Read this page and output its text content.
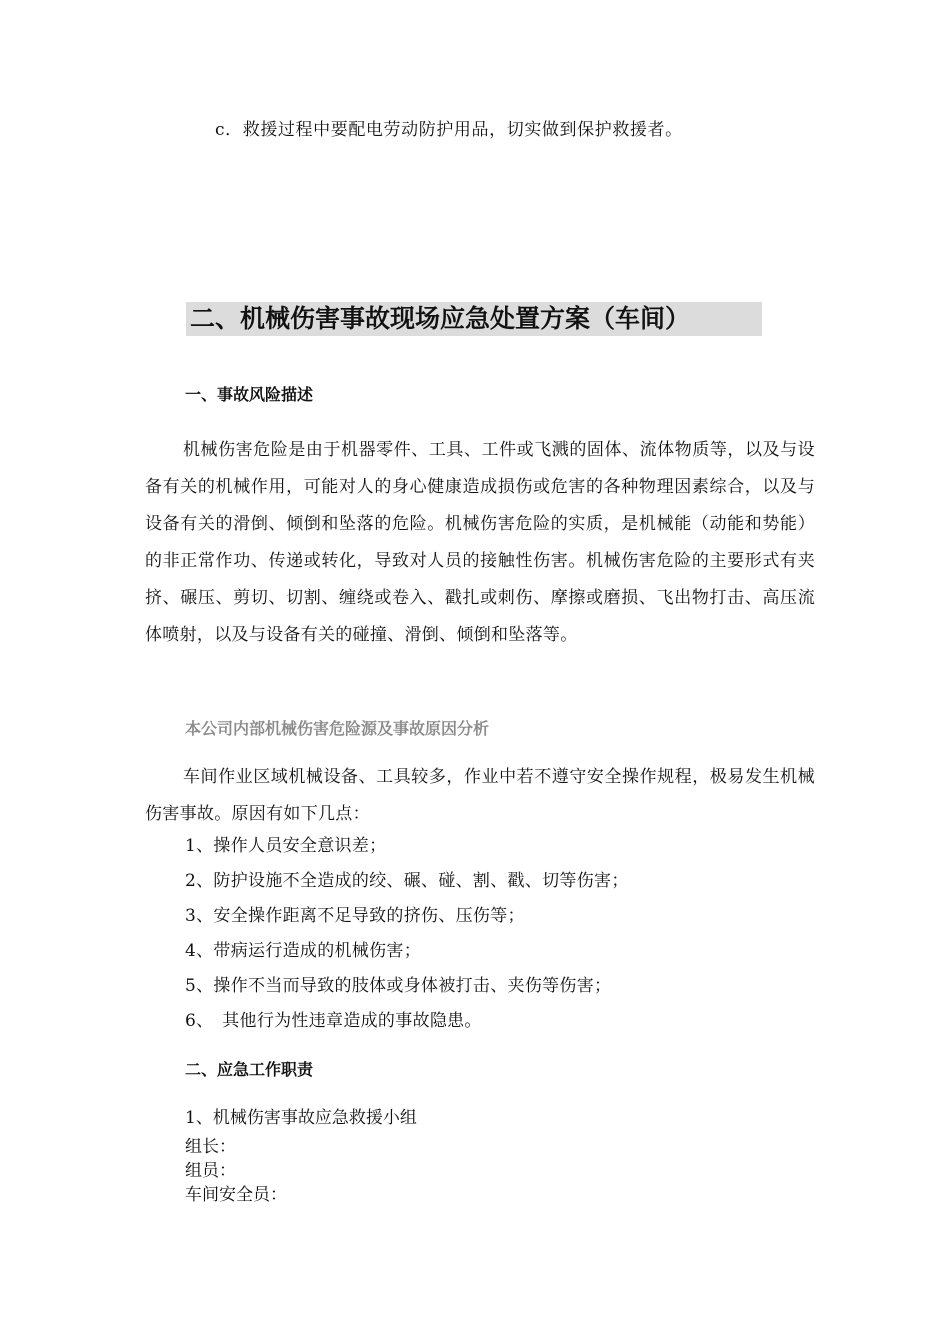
c．救援过程中要配电劳动防护用品，切实做到保护救援者。
二、机械伤害事故现场应急处置方案（车间）
一、事故风险描述

机械伤害危险是由于机器零件、工具、工件或飞溅的固体、流体物质等，以及与设备有关的机械作用，可能对人的身心健康造成损伤或危害的各种物理因素综合，以及与设备有关的滑倒、倾倒和坠落的危险。机械伤害危险的实质，是机械能（动能和势能）的非正常作功、传递或转化，导致对人员的接触性伤害。机械伤害危险的主要形式有夹挤、碾压、剪切、切割、缠绕或卷入、戳扎或刺伤、摩擦或磨损、飞出物打击、高压流体喷射，以及与设备有关的碰撞、滑倒、倾倒和坠落等。

本公司内部机械伤害危险源及事故原因分析

车间作业区域机械设备、工具较多，作业中若不遵守安全操作规程，极易发生机械伤害事故。原因有如下几点：

1、操作人员安全意识差；
2、防护设施不全造成的绞、碾、碰、割、戳、切等伤害；
3、安全操作距离不足导致的挤伤、压伤等；
4、带病运行造成的机械伤害；
5、操作不当而导致的肢体或身体被打击、夹伤等伤害；
6、　其他行为性违章造成的事故隐患。
二、应急工作职责
1、机械伤害事故应急救援小组
组长：
组员：
车间安全员：
